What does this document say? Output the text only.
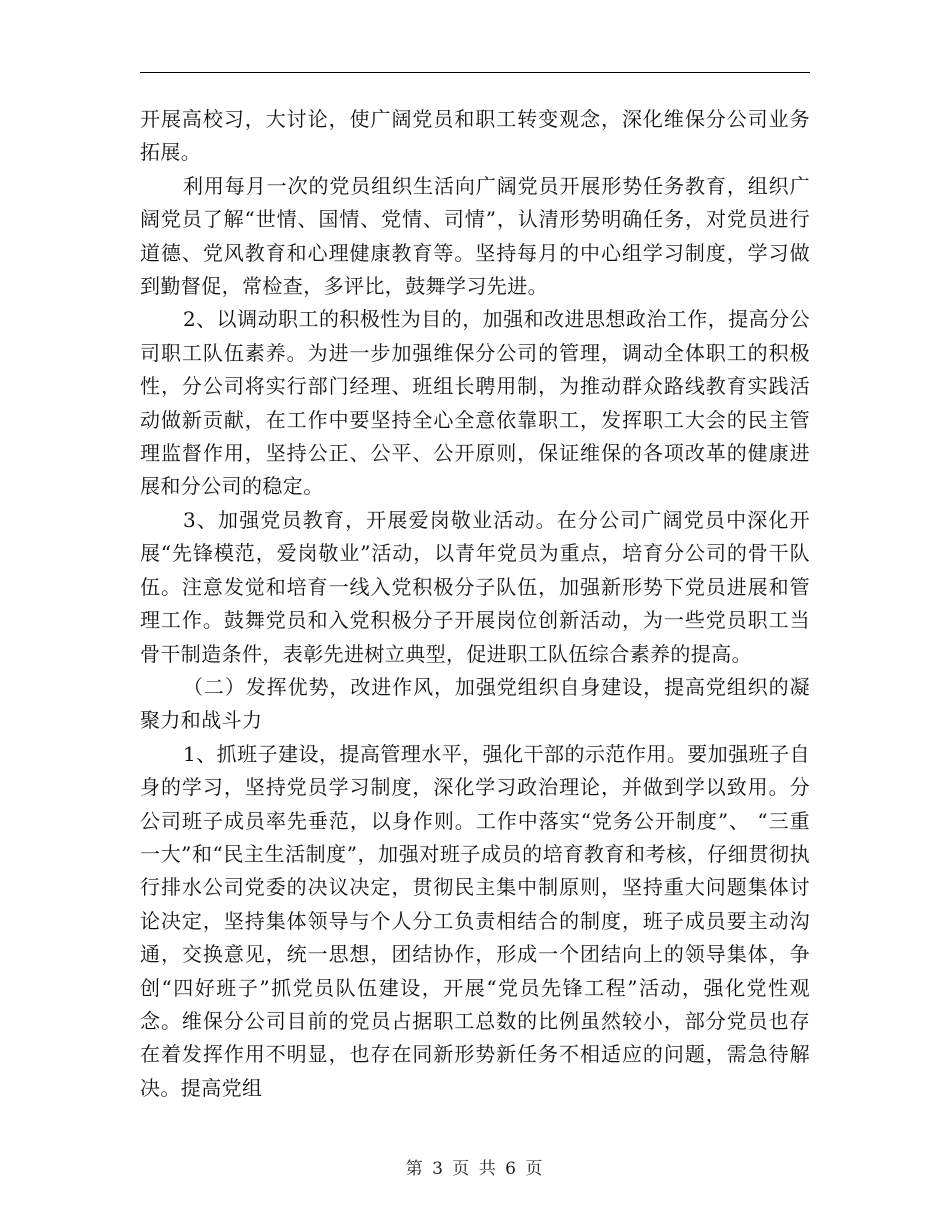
开展高校习，大讨论，使广阔党员和职工转变观念，深化维保分公司业务拓展。

利用每月一次的党员组织生活向广阔党员开展形势任务教育，组织广阔党员了解“世情、国情、党情、司情”，认清形势明确任务，对党员进行道德、党风教育和心理健康教育等。坚持每月的中心组学习制度，学习做到勤督促，常检查，多评比，鼓舞学习先进。

2、以调动职工的积极性为目的，加强和改进思想政治工作，提高分公司职工队伍素养。为进一步加强维保分公司的管理，调动全体职工的积极性，分公司将实行部门经理、班组长聘用制，为推动群众路线教育实践活动做新贡献，在工作中要坚持全心全意依靠职工，发挥职工大会的民主管理监督作用，坚持公正、公平、公开原则，保证维保的各项改革的健康进展和分公司的稳定。

3、加强党员教育，开展爱岗敬业活动。在分公司广阔党员中深化开展“先锋模范，爱岗敬业”活动，以青年党员为重点，培育分公司的骨干队伍。注意发觉和培育一线入党积极分子队伍，加强新形势下党员进展和管理工作。鼓舞党员和入党积极分子开展岗位创新活动，为一些党员职工当骨干制造条件，表彰先进树立典型，促进职工队伍综合素养的提高。

（二）发挥优势，改进作风，加强党组织自身建设，提高党组织的凝聚力和战斗力

1、抓班子建设，提高管理水平，强化干部的示范作用。要加强班子自身的学习，坚持党员学习制度，深化学习政治理论，并做到学以致用。分公司班子成员率先垂范，以身作则。工作中落实“党务公开制度”、 “三重一大”和“民主生活制度”，加强对班子成员的培育教育和考核，仔细贯彻执行排水公司党委的决议决定，贯彻民主集中制原则，坚持重大问题集体讨论决定，坚持集体领导与个人分工负责相结合的制度，班子成员要主动沟通，交换意见，统一思想，团结协作，形成一个团结向上的领导集体，争创“四好班子”抓党员队伍建设，开展“党员先锋工程”活动，强化党性观念。维保分公司目前的党员占据职工总数的比例虽然较小，部分党员也存在着发挥作用不明显，也存在同新形势新任务不相适应的问题，需急待解决。提高党组

第 3 页 共 6 页
